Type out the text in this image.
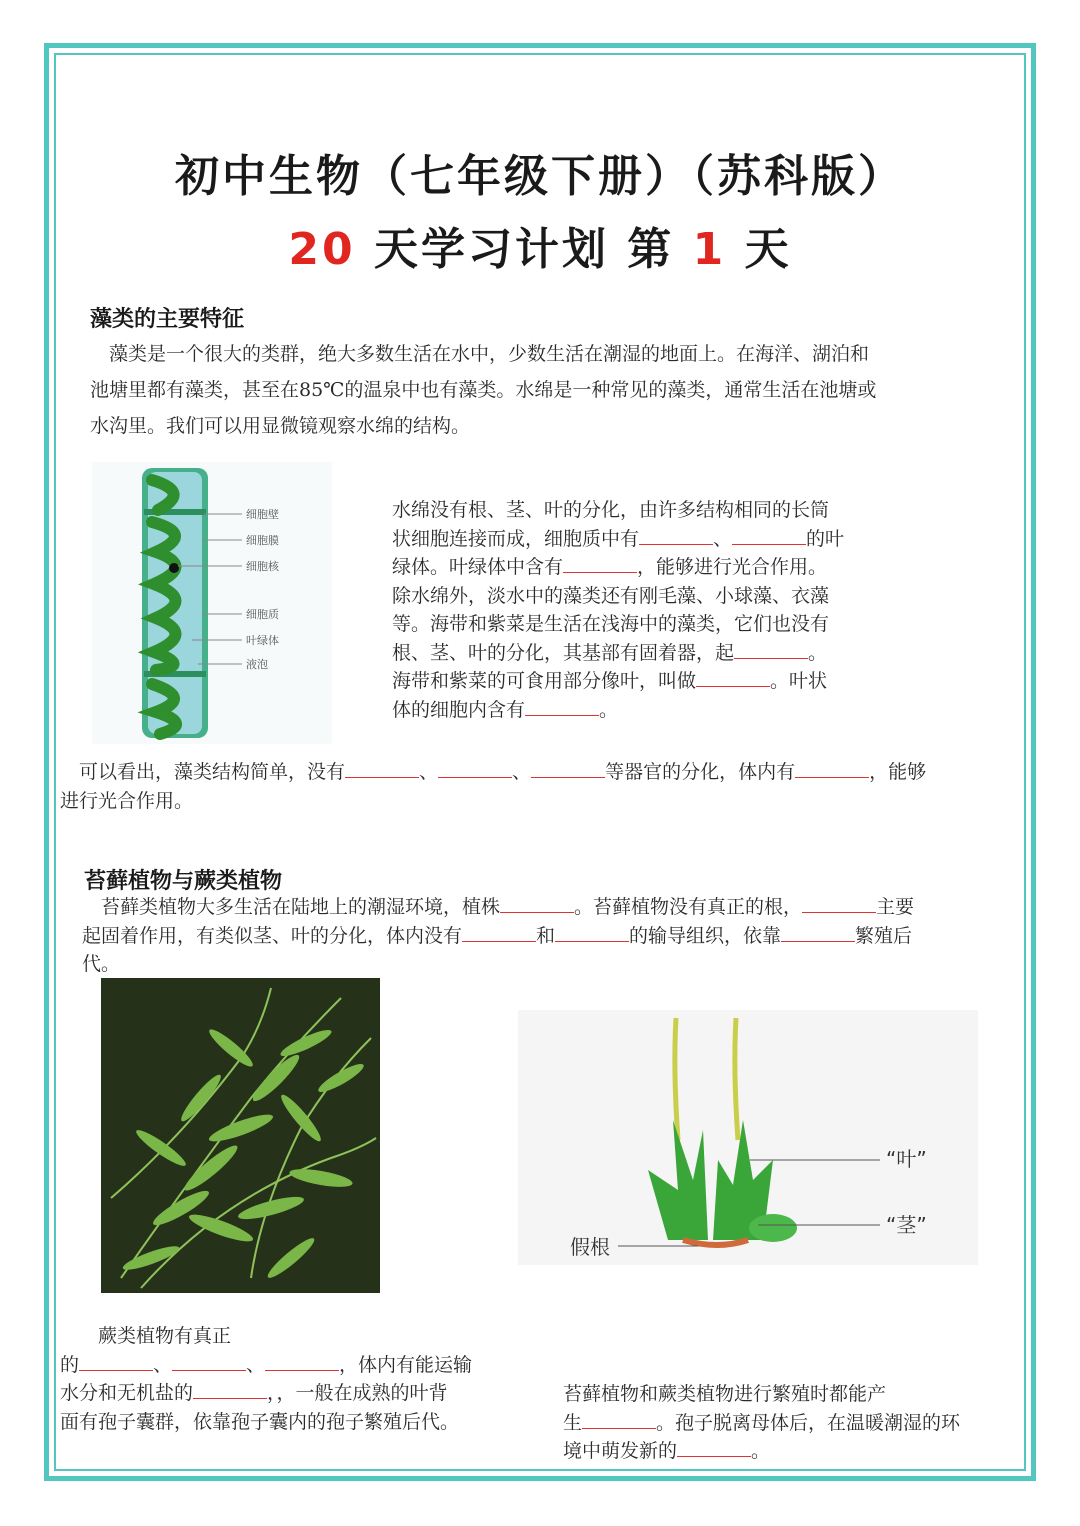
初中生物（七年级下册）（苏科版）
20 天学习计划 第 1 天
藻类的主要特征
　藻类是一个很大的类群，绝大多数生活在水中，少数生活在潮湿的地面上。在海洋、湖泊和
池塘里都有藻类，甚至在85℃的温泉中也有藻类。水绵是一种常见的藻类，通常生活在池塘或
水沟里。我们可以用显微镜观察水绵的结构。
细胞壁
细胞膜
细胞核
细胞质
叶绿体
液泡
水绵没有根、茎、叶的分化，由许多结构相同的长筒
状细胞连接而成，细胞质中有	、	的叶
绿体。叶绿体中含有	，能够进行光合作用。
除水绵外，淡水中的藻类还有刚毛藻、小球藻、衣藻
等。海带和紫菜是生活在浅海中的藻类，它们也没有
根、茎、叶的分化，其基部有固着器，起	。
海带和紫菜的可食用部分像叶，叫做	。叶状
体的细胞内含有	。
　可以看出，藻类结构简单，没有	、	、	等器官的分化，体内有	，能够
进行光合作用。
苔藓植物与蕨类植物
　苔藓类植物大多生活在陆地上的潮湿环境，植株	。苔藓植物没有真正的根，	主要
起固着作用，有类似茎、叶的分化，体内没有	和	的输导组织，依靠	繁殖后
代。
“叶”
“茎”
假根
　　蕨类植物有真正
的	、	、	，体内有能运输
水分和无机盐的	，，一般在成熟的叶背
面有孢子囊群，依靠孢子囊内的孢子繁殖后代。
苔藓植物和蕨类植物进行繁殖时都能产
生	。孢子脱离母体后，在温暖潮湿的环
境中萌发新的	。
